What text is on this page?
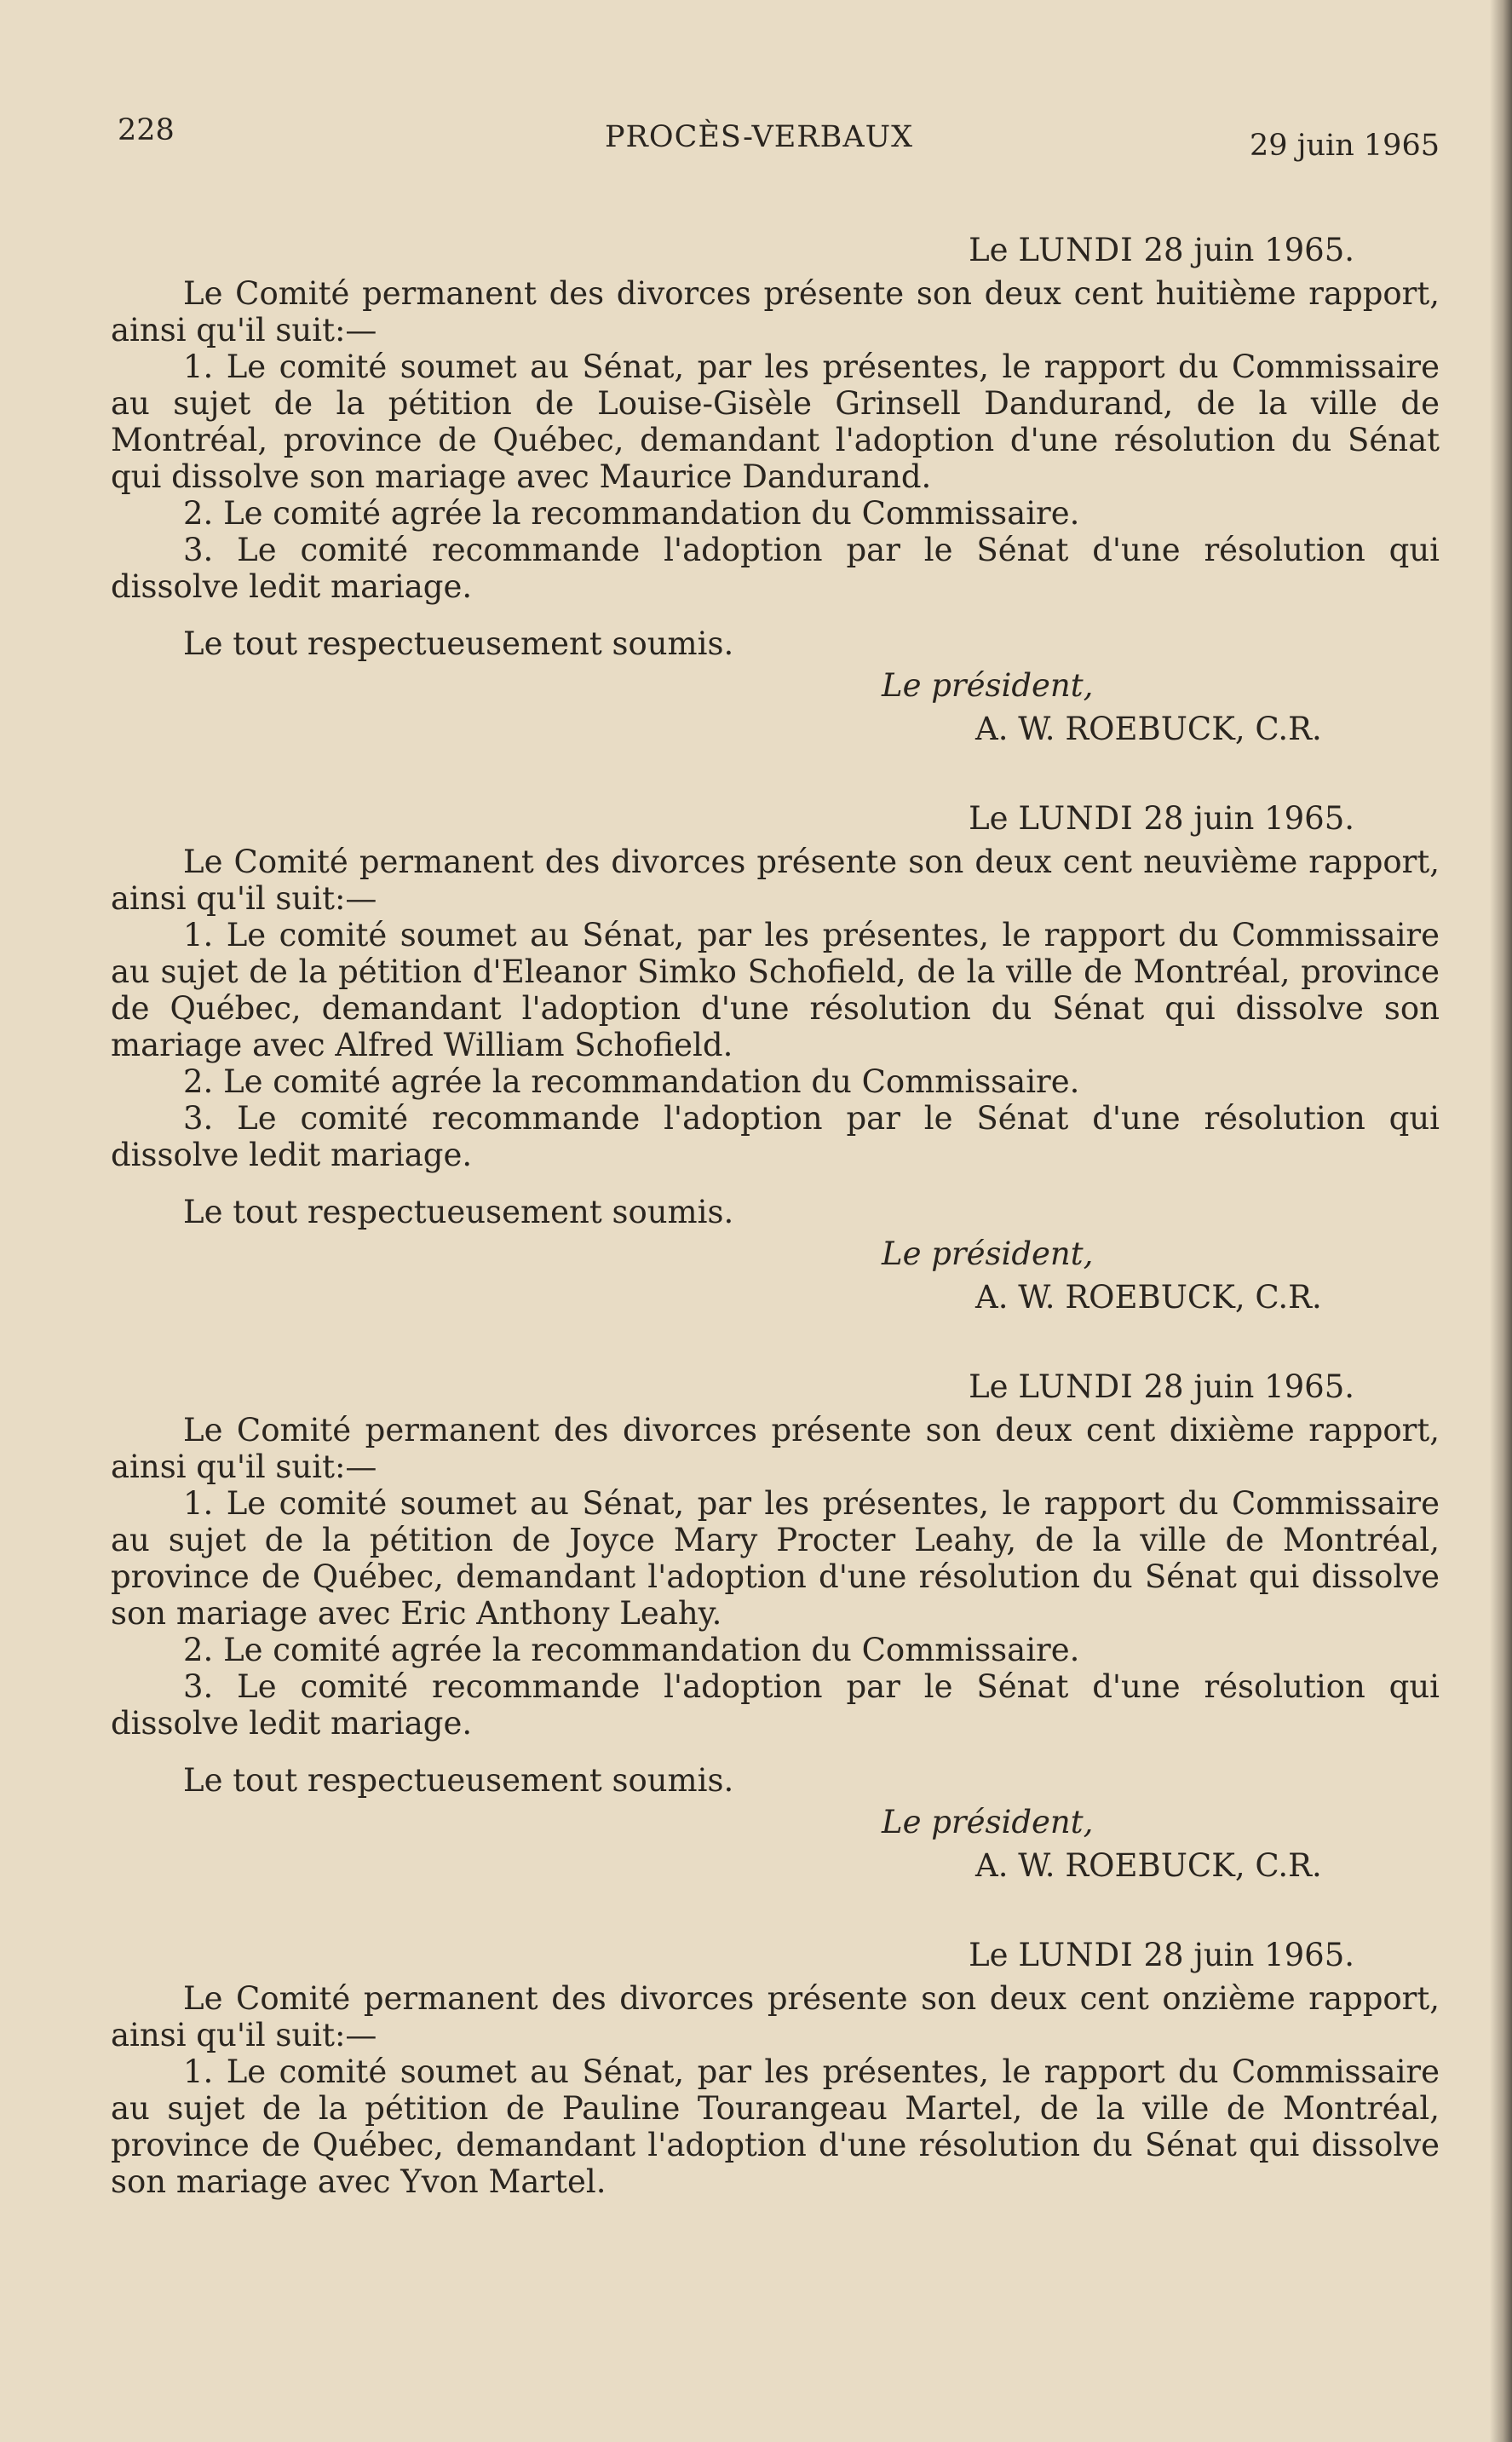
228	PROCÈS-VERBAUX	29 juin 1965
Le LUNDI 28 juin 1965.

Le Comité permanent des divorces présente son deux cent huitième rapport, ainsi qu'il suit:—

1. Le comité soumet au Sénat, par les présentes, le rapport du Commissaire au sujet de la pétition de Louise-Gisèle Grinsell Dandurand, de la ville de Montréal, province de Québec, demandant l'adoption d'une résolution du Sénat qui dissolve son mariage avec Maurice Dandurand.

2. Le comité agrée la recommandation du Commissaire.

3. Le comité recommande l'adoption par le Sénat d'une résolution qui dissolve ledit mariage.

Le tout respectueusement soumis.

Le président,
A. W. ROEBUCK, C.R.
Le LUNDI 28 juin 1965.

Le Comité permanent des divorces présente son deux cent neuvième rapport, ainsi qu'il suit:—

1. Le comité soumet au Sénat, par les présentes, le rapport du Commissaire au sujet de la pétition d'Eleanor Simko Schofield, de la ville de Montréal, province de Québec, demandant l'adoption d'une résolution du Sénat qui dissolve son mariage avec Alfred William Schofield.

2. Le comité agrée la recommandation du Commissaire.

3. Le comité recommande l'adoption par le Sénat d'une résolution qui dissolve ledit mariage.

Le tout respectueusement soumis.

Le président,
A. W. ROEBUCK, C.R.
Le LUNDI 28 juin 1965.

Le Comité permanent des divorces présente son deux cent dixième rapport, ainsi qu'il suit:—

1. Le comité soumet au Sénat, par les présentes, le rapport du Commissaire au sujet de la pétition de Joyce Mary Procter Leahy, de la ville de Montréal, province de Québec, demandant l'adoption d'une résolution du Sénat qui dissolve son mariage avec Eric Anthony Leahy.

2. Le comité agrée la recommandation du Commissaire.

3. Le comité recommande l'adoption par le Sénat d'une résolution qui dissolve ledit mariage.

Le tout respectueusement soumis.

Le président,
A. W. ROEBUCK, C.R.
Le LUNDI 28 juin 1965.

Le Comité permanent des divorces présente son deux cent onzième rapport, ainsi qu'il suit:—

1. Le comité soumet au Sénat, par les présentes, le rapport du Commissaire au sujet de la pétition de Pauline Tourangeau Martel, de la ville de Montréal, province de Québec, demandant l'adoption d'une résolution du Sénat qui dissolve son mariage avec Yvon Martel.
